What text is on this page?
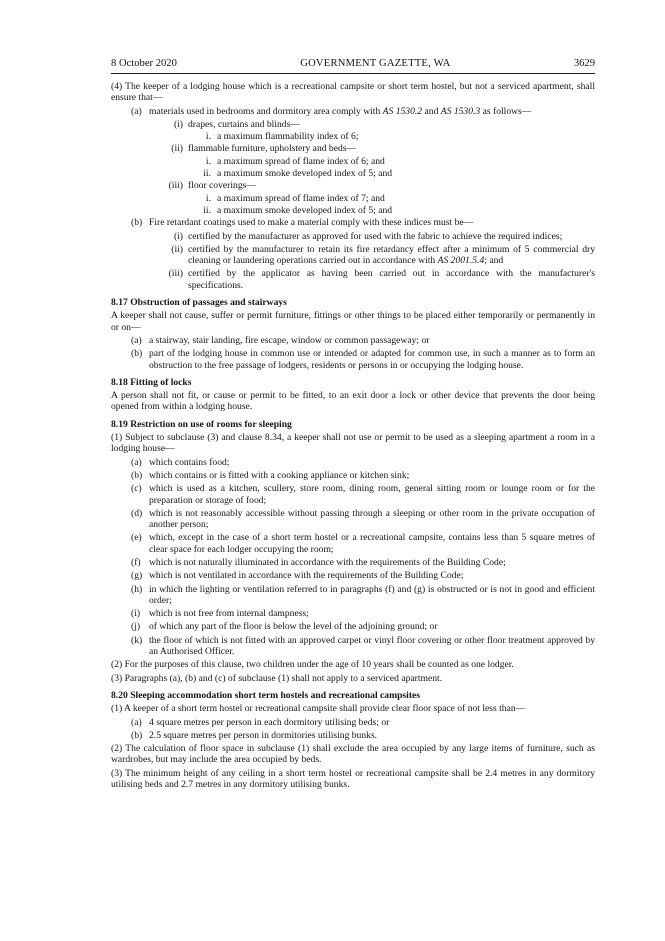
8 October 2020	GOVERNMENT GAZETTE, WA	3629

(4) The keeper of a lodging house which is a recreational campsite or short term hostel, but not a serviced apartment, shall ensure that—

(a) materials used in bedrooms and dormitory area comply with AS 1530.2 and AS 1530.3 as follows—
(i) drapes, curtains and blinds—
i. a maximum flammability index of 6;
(ii) flammable furniture, upholstery and beds—
i. a maximum spread of flame index of 6; and
ii. a maximum smoke developed index of 5; and
(iii) floor coverings—
i. a maximum spread of flame index of 7; and
ii. a maximum smoke developed index of 5; and
(b) Fire retardant coatings used to make a material comply with these indices must be—
(i) certified by the manufacturer as approved for used with the fabric to achieve the required indices;
(ii) certified by the manufacturer to retain its fire retardancy effect after a minimum of 5 commercial dry cleaning or laundering operations carried out in accordance with AS 2001.5.4; and
(iii) certified by the applicator as having been carried out in accordance with the manufacturer's specifications.
8.17 Obstruction of passages and stairways

A keeper shall not cause, suffer or permit furniture, fittings or other things to be placed either temporarily or permanently in or on—

(a) a stairway, stair landing, fire escape, window or common passageway; or
(b) part of the lodging house in common use or intended or adapted for common use, in such a manner as to form an obstruction to the free passage of lodgers, residents or persons in or occupying the lodging house.
8.18 Fitting of locks

A person shall not fit, or cause or permit to be fitted, to an exit door a lock or other device that prevents the door being opened from within a lodging house.

8.19 Restriction on use of rooms for sleeping

(1) Subject to subclause (3) and clause 8.34, a keeper shall not use or permit to be used as a sleeping apartment a room in a lodging house—

(a) which contains food;
(b) which contains or is fitted with a cooking appliance or kitchen sink;
(c) which is used as a kitchen, scullery, store room, dining room, general sitting room or lounge room or for the preparation or storage of food;
(d) which is not reasonably accessible without passing through a sleeping or other room in the private occupation of another person;
(e) which, except in the case of a short term hostel or a recreational campsite, contains less than 5 square metres of clear space for each lodger occupying the room;
(f) which is not naturally illuminated in accordance with the requirements of the Building Code;
(g) which is not ventilated in accordance with the requirements of the Building Code;
(h) in which the lighting or ventilation referred to in paragraphs (f) and (g) is obstructed or is not in good and efficient order;
(i) which is not free from internal dampness;
(j) of which any part of the floor is below the level of the adjoining ground; or
(k) the floor of which is not fitted with an approved carpet or vinyl floor covering or other floor treatment approved by an Authorised Officer.

(2) For the purposes of this clause, two children under the age of 10 years shall be counted as one lodger.

(3) Paragraphs (a), (b) and (c) of subclause (1) shall not apply to a serviced apartment.

8.20 Sleeping accommodation short term hostels and recreational campsites

(1) A keeper of a short term hostel or recreational campsite shall provide clear floor space of not less than—

(a) 4 square metres per person in each dormitory utilising beds; or
(b) 2.5 square metres per person in dormitories utilising bunks.

(2) The calculation of floor space in subclause (1) shall exclude the area occupied by any large items of furniture, such as wardrobes, but may include the area occupied by beds.

(3) The minimum height of any ceiling in a short term hostel or recreational campsite shall be 2.4 metres in any dormitory utilising beds and 2.7 metres in any dormitory utilising bunks.
